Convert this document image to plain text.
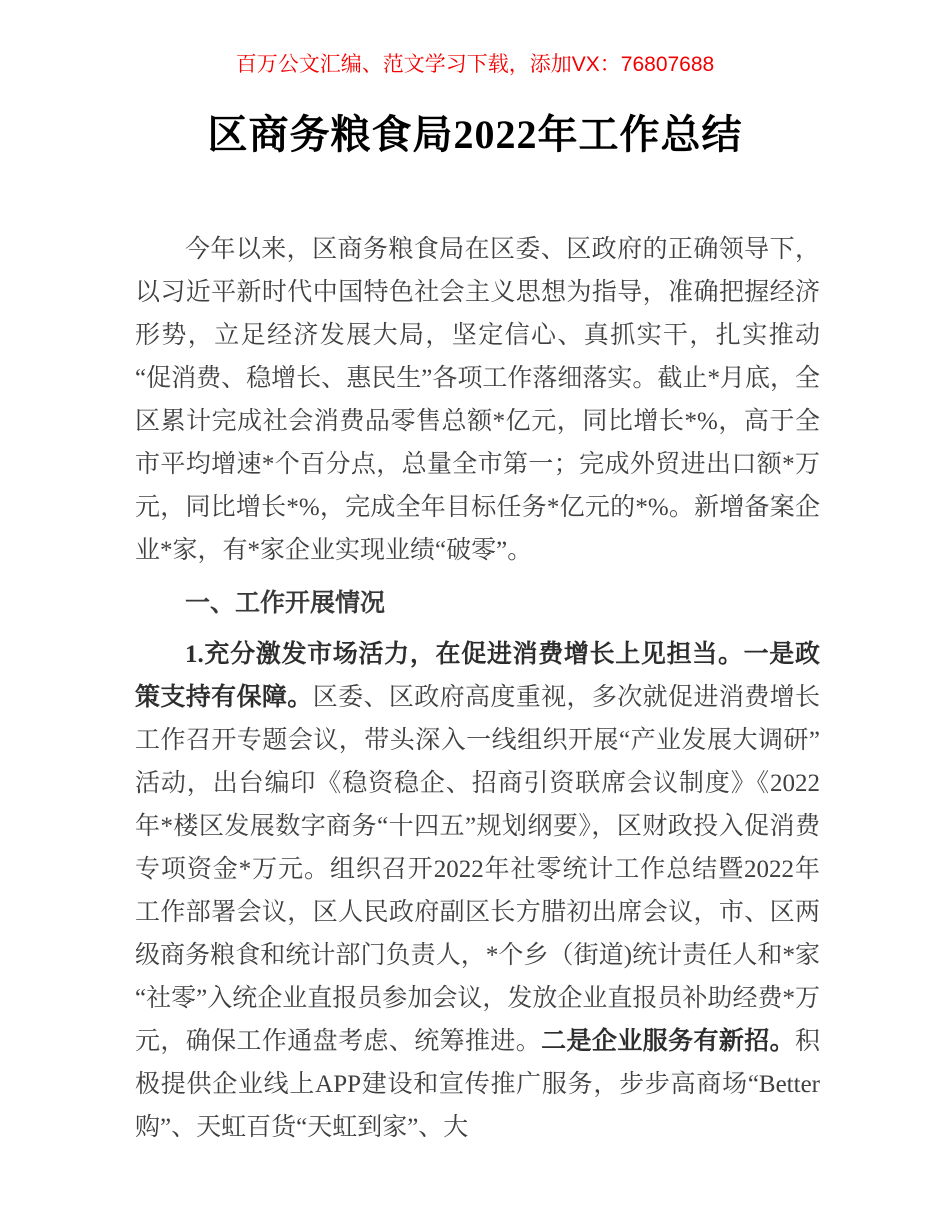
百万公文汇编、范文学习下载，添加VX：76807688
区商务粮食局2022年工作总结

今年以来，区商务粮食局在区委、区政府的正确领导下，以习近平新时代中国特色社会主义思想为指导，准确把握经济形势，立足经济发展大局，坚定信心、真抓实干，扎实推动“促消费、稳增长、惠民生”各项工作落细落实。截止*月底，全区累计完成社会消费品零售总额*亿元，同比增长*%，高于全市平均增速*个百分点，总量全市第一；完成外贸进出口额*万元，同比增长*%，完成全年目标任务*亿元的*%。新增备案企业*家，有*家企业实现业绩“破零”。

一、工作开展情况

1.充分激发市场活力，在促进消费增长上见担当。一是政策支持有保障。区委、区政府高度重视，多次就促进消费增长工作召开专题会议，带头深入一线组织开展“产业发展大调研”活动，出台编印《稳资稳企、招商引资联席会议制度》《2022年*楼区发展数字商务“十四五”规划纲要》，区财政投入促消费专项资金*万元。组织召开2022年社零统计工作总结暨2022年工作部署会议，区人民政府副区长方腊初出席会议，市、区两级商务粮食和统计部门负责人，*个乡（街道)统计责任人和*家“社零”入统企业直报员参加会议，发放企业直报员补助经费*万元，确保工作通盘考虑、统筹推进。二是企业服务有新招。积极提供企业线上APP建设和宣传推广服务，步步高商场“Better购”、天虹百货“天虹到家”、大
